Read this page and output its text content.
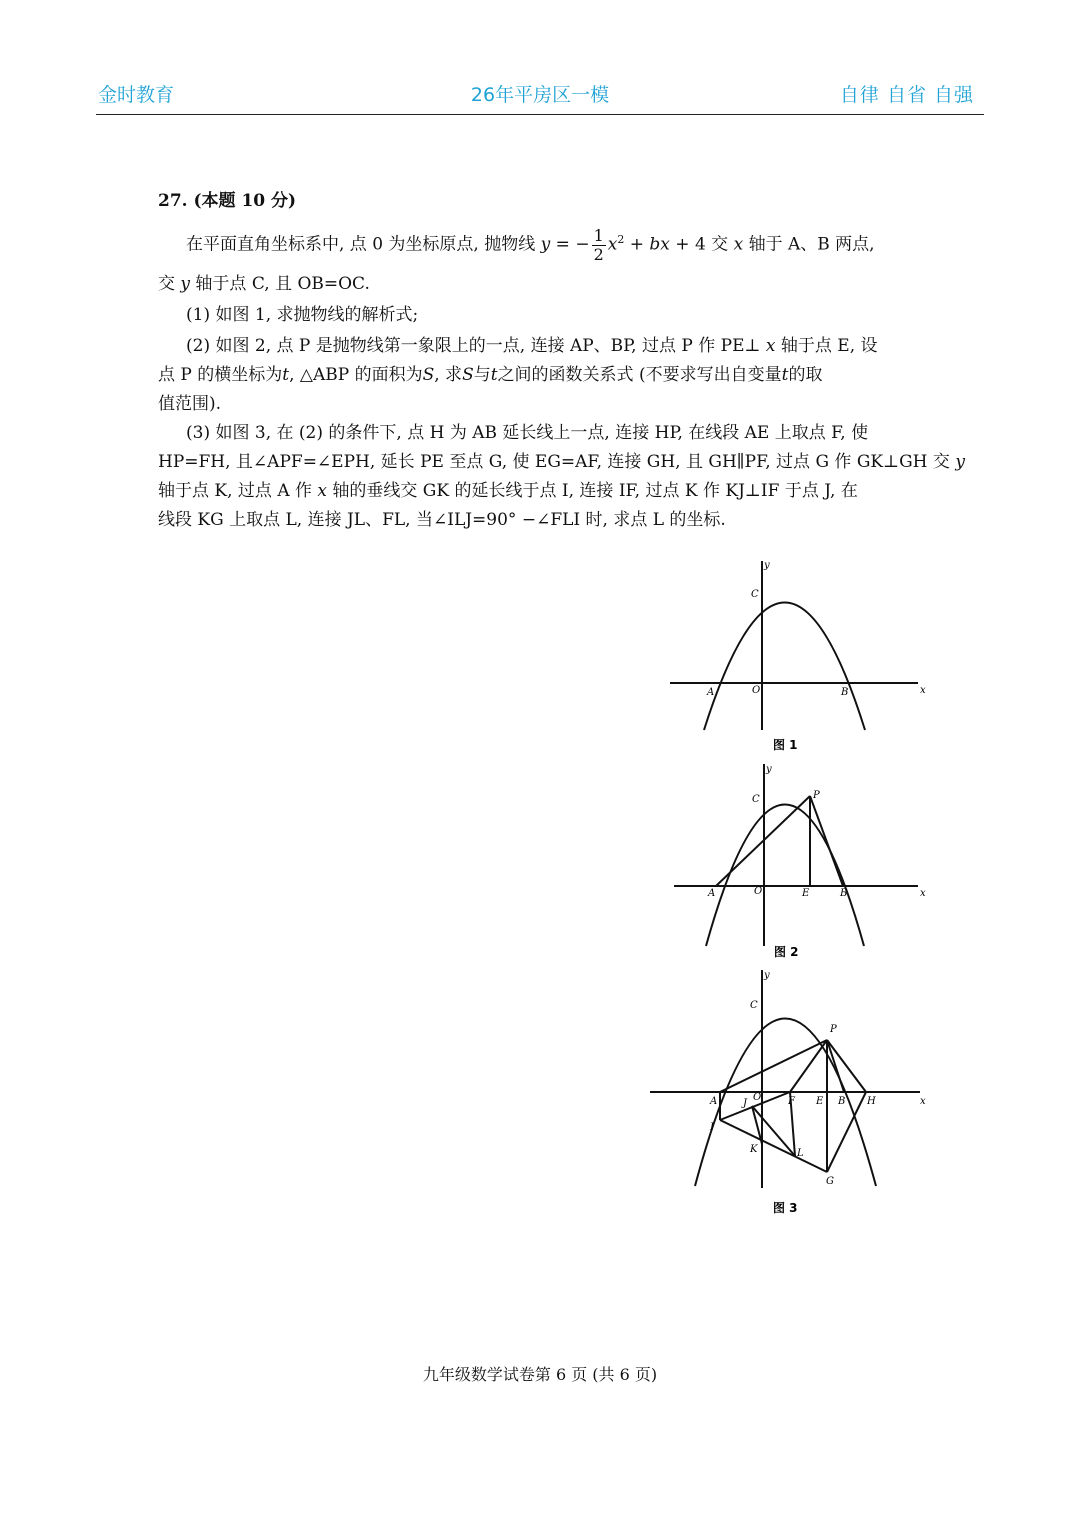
金时教育	26年平房区一模	自律 自省 自强
27. (本题 10 分)
在平面直角坐标系中, 点 0 为坐标原点, 抛物线 y = − $\frac{1}{2} x^2$ + bx + 4 交 x 轴于 A、B 两点,
交 y 轴于点 C, 且 OB=OC.
(1) 如图 1, 求抛物线的解析式;
(2) 如图 2, 点 P 是抛物线第一象限上的一点, 连接 AP、BP, 过点 P 作 PE⊥ x 轴于点 E, 设
点 P 的横坐标为t, △ABP 的面积为S, 求S与t之间的函数关系式 (不要求写出自变量t的取
值范围).
(3) 如图 3, 在 (2) 的条件下, 点 H 为 AB 延长线上一点, 连接 HP, 在线段 AE 上取点 F, 使
HP=FH, 且∠APF=∠EPH, 延长 PE 至点 G, 使 EG=AF, 连接 GH, 且 GH∥PF, 过点 G 作 GK⊥GH 交 y
轴于点 K, 过点 A 作 x 轴的垂线交 GK 的延长线于点 I, 连接 IF, 过点 K 作 KJ⊥IF 于点 J, 在
线段 KG 上取点 L, 连接 JL、FL, 当∠ILJ=90° −∠FLI 时, 求点 L 的坐标.
y
x
C
A	O	B
图 1
y
x
C	P
A	O	E	B
图 2
y
x
C
P
A	J
O	F E B H
I
K	L
G
图 3
九年级数学试卷第 6 页 (共 6 页)
